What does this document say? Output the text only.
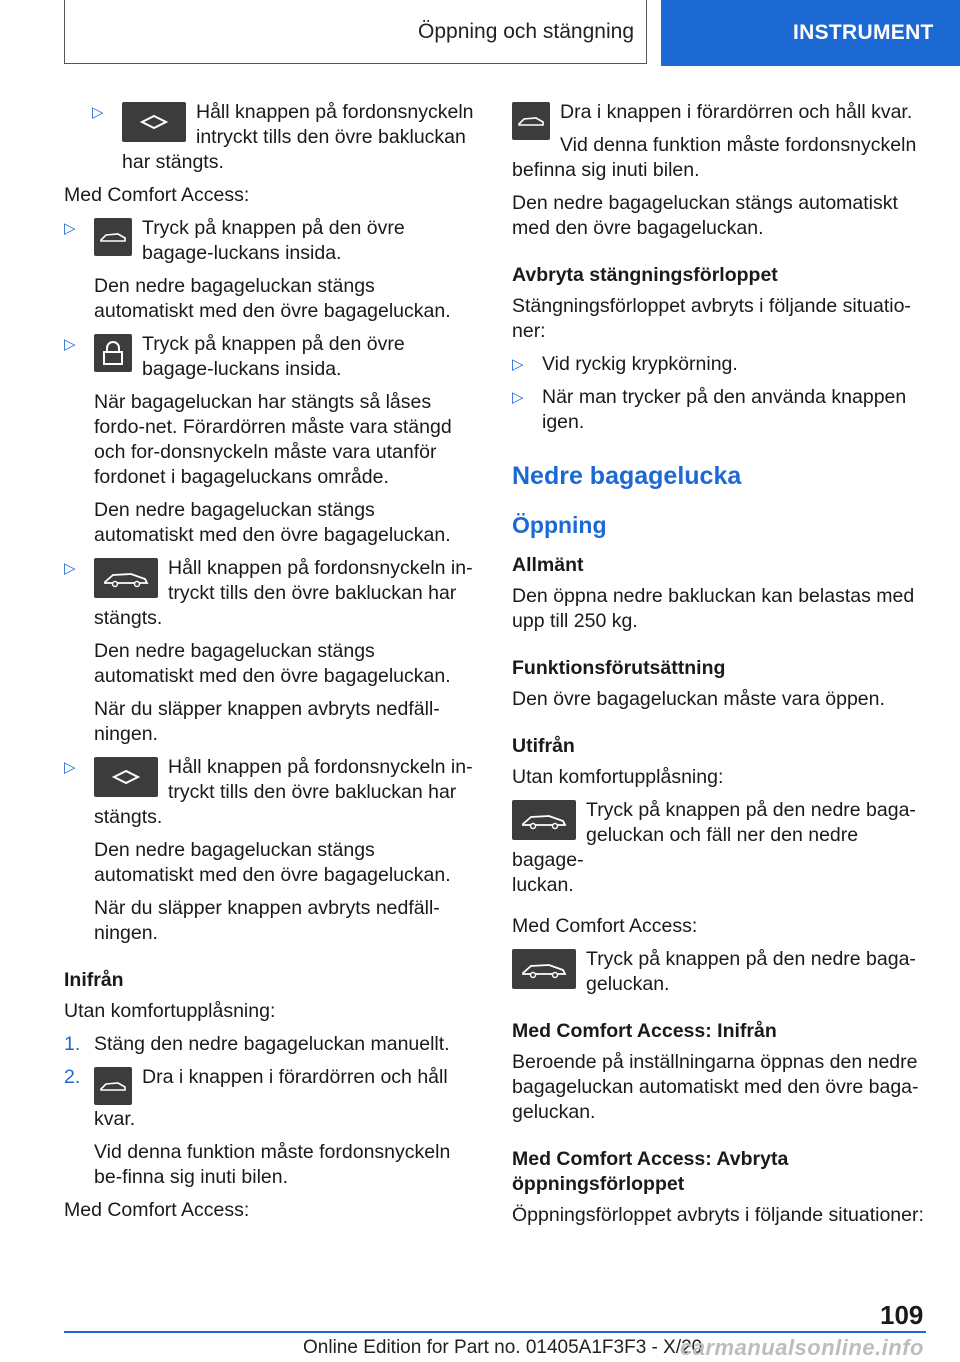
Öppning och stängning	INSTRUMENT
▷	Håll knappen på fordonsnyckeln intryckt tills den övre bakluckan
har stängts.

Med Comfort Access:

▷	Tryck på knappen på den övre bagage-luckans insida.

Den nedre bagageluckan stängs automatiskt med den övre bagageluckan.

▷	Tryck på knappen på den övre bagage-luckans insida.

När bagageluckan har stängts så låses fordo-net. Förardörren måste vara stängd och for-donsnyckeln måste vara utanför fordonet i bagageluckans område.

Den nedre bagageluckan stängs automatiskt med den övre bagageluckan.

▷	Håll knappen på fordonsnyckeln in-tryckt tills den övre bakluckan har
stängts.

Den nedre bagageluckan stängs automatiskt med den övre bagageluckan.

När du släpper knappen avbryts nedfäll-ningen.

▷	Håll knappen på fordonsnyckeln in-tryckt tills den övre bakluckan har
stängts.

Den nedre bagageluckan stängs automatiskt med den övre bagageluckan.

När du släpper knappen avbryts nedfäll-ningen.

Inifrån

Utan komfortupplåsning:

1. Stäng den nedre bagageluckan manuellt.
2.	Dra i knappen i förardörren och håll
kvar.

Vid denna funktion måste fordonsnyckeln be-finna sig inuti bilen.

Med Comfort Access:

Dra i knappen i förardörren och håll kvar.

Vid denna funktion måste fordonsnyckeln befinna sig inuti bilen.

Den nedre bagageluckan stängs automatiskt med den övre bagageluckan.

Avbryta stängningsförloppet

Stängningsförloppet avbryts i följande situatio-ner:

▷ Vid ryckig krypkörning.
▷ När man trycker på den använda knappen igen.
Nedre bagagelucka
Öppning
Allmänt

Den öppna nedre bakluckan kan belastas med upp till 250 kg.

Funktionsförutsättning

Den övre bagageluckan måste vara öppen.

Utifrån

Utan komfortupplåsning:

Tryck på knappen på den nedre baga-geluckan och fäll ner den nedre bagage-
luckan.

Med Comfort Access:

Tryck på knappen på den nedre baga-geluckan.
Med Comfort Access: Inifrån

Beroende på inställningarna öppnas den nedre bagageluckan automatiskt med den övre baga-geluckan.

Med Comfort Access: Avbryta öppningsförloppet

Öppningsförloppet avbryts i följande situationer:

109
Online Edition for Part no. 01405A1F3F3 - X/20
carmanualsonline.info
